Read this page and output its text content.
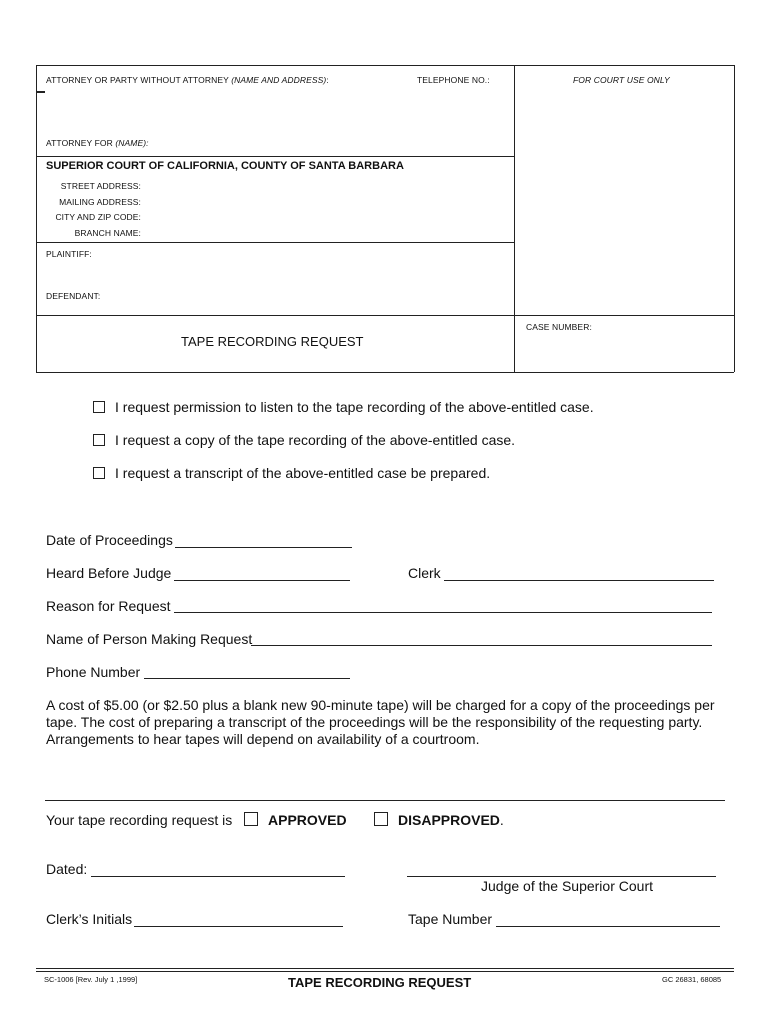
ATTORNEY OR PARTY WITHOUT ATTORNEY (NAME AND ADDRESS):	TELEPHONE NO.:	FOR COURT USE ONLY
ATTORNEY FOR (NAME):
SUPERIOR COURT OF CALIFORNIA, COUNTY OF SANTA BARBARA
STREET ADDRESS:
MAILING ADDRESS:
CITY AND ZIP CODE:
BRANCH NAME:
PLAINTIFF:
DEFENDANT:
TAPE RECORDING REQUEST
CASE NUMBER:
I request permission to listen to the tape recording of the above-entitled case.
I request a copy of the tape recording of the above-entitled case.
I request a transcript of the above-entitled case be prepared.
Date of Proceedings
Heard Before Judge	Clerk
Reason for Request
Name of Person Making Request
Phone Number
A cost of $5.00 (or $2.50 plus a blank new 90-minute tape) will be charged for a copy of the proceedings per
tape. The cost of preparing a transcript of the proceedings will be the responsibility of the requesting party.
Arrangements to hear tapes will depend on availability of a courtroom.
Your tape recording request is	APPROVED	DISAPPROVED.
Dated:
Judge of the Superior Court
Clerk’s Initials	Tape Number
SC-1006 [Rev. July 1 ,1999]	TAPE RECORDING REQUEST	GC 26831, 68085
